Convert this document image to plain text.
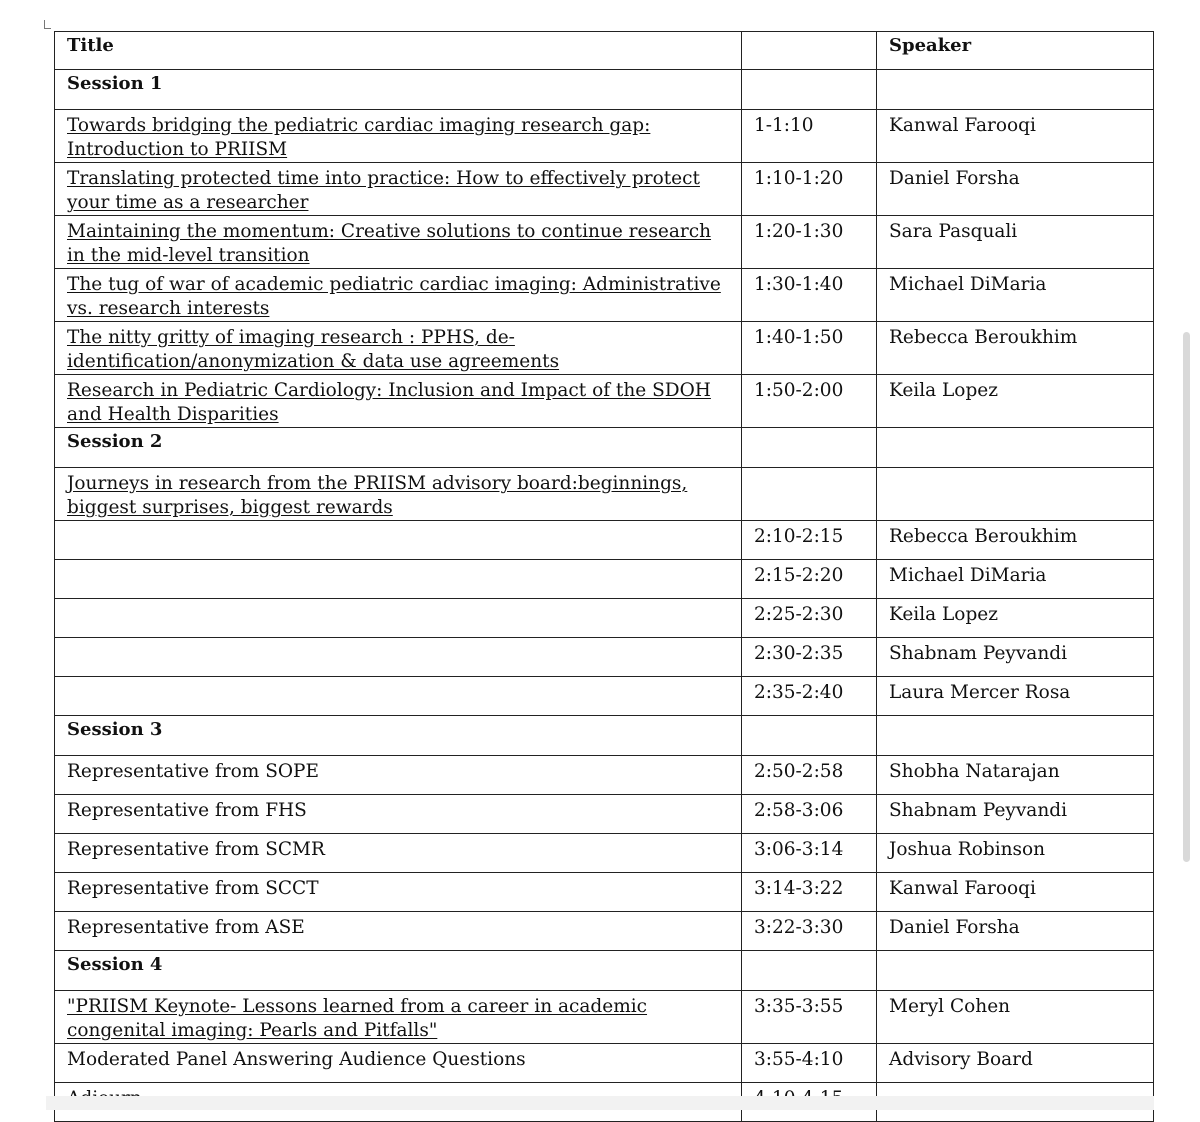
Title		Speaker
Session 1		
Towards bridging the pediatric cardiac imaging research gap: Introduction to PRIISM	1-1:10	Kanwal Farooqi
Translating protected time into practice: How to effectively protect your time as a researcher	1:10-1:20	Daniel Forsha
Maintaining the momentum: Creative solutions to continue research in the mid-level transition	1:20-1:30	Sara Pasquali
The tug of war of academic pediatric cardiac imaging: Administrative vs. research interests	1:30-1:40	Michael DiMaria
The nitty gritty of imaging research : PPHS, de-identification/anonymization & data use agreements	1:40-1:50	Rebecca Beroukhim
Research in Pediatric Cardiology: Inclusion and Impact of the SDOH and Health Disparities	1:50-2:00	Keila Lopez
Session 2		
Journeys in research from the PRIISM advisory board:beginnings, biggest surprises, biggest rewards		
	2:10-2:15	Rebecca Beroukhim
	2:15-2:20	Michael DiMaria
	2:25-2:30	Keila Lopez
	2:30-2:35	Shabnam Peyvandi
	2:35-2:40	Laura Mercer Rosa
Session 3		
Representative from SOPE	2:50-2:58	Shobha Natarajan
Representative from FHS	2:58-3:06	Shabnam Peyvandi
Representative from SCMR	3:06-3:14	Joshua Robinson
Representative from SCCT	3:14-3:22	Kanwal Farooqi
Representative from ASE	3:22-3:30	Daniel Forsha
Session 4		
"PRIISM Keynote- Lessons learned from a career in academic congenital imaging: Pearls and Pitfalls"	3:35-3:55	Meryl Cohen
Moderated Panel Answering Audience Questions	3:55-4:10	Advisory Board
